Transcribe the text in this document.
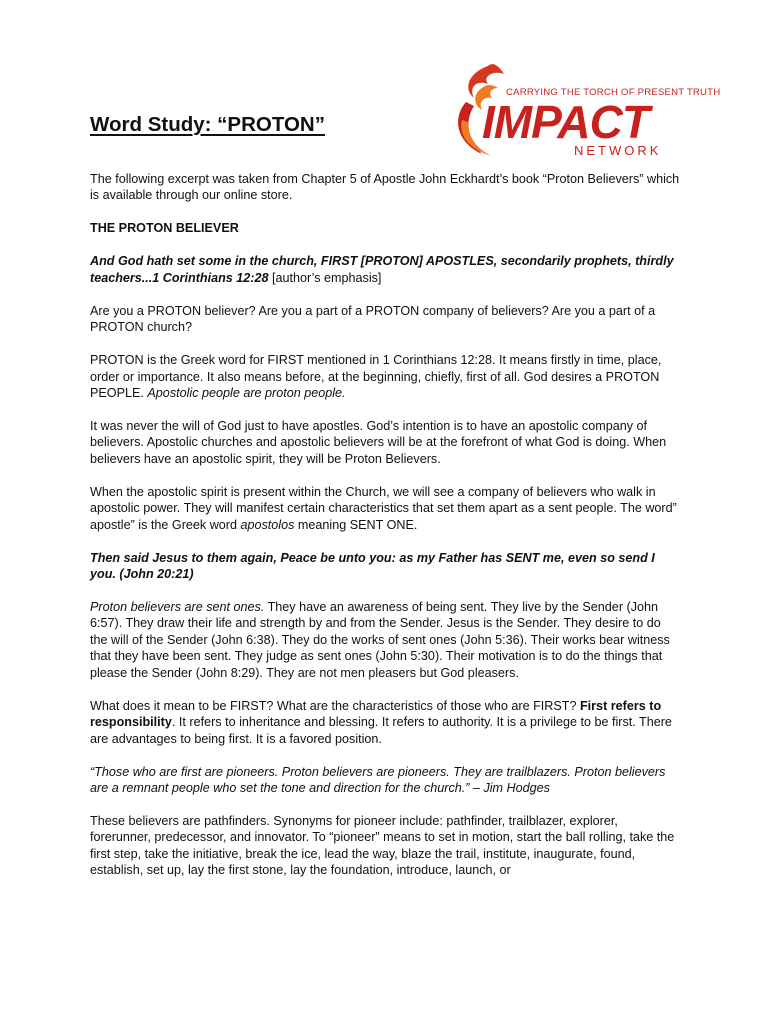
Word Study: “PROTON”
CARRYING THE TORCH OF PRESENT TRUTH
IMPACT
NETWORK

The following excerpt was taken from Chapter 5 of Apostle John Eckhardt’s book “Proton Believers” which is available through our online store.

THE PROTON BELIEVER

And God hath set some in the church, FIRST [PROTON] APOSTLES, secondarily prophets, thirdly teachers...1 Corinthians 12:28 [author’s emphasis]

Are you a PROTON believer? Are you a part of a PROTON company of believers? Are you a part of a PROTON church?

PROTON is the Greek word for FIRST mentioned in 1 Corinthians 12:28. It means firstly in time, place, order or importance. It also means before, at the beginning, chiefly, first of all. God desires a PROTON PEOPLE. Apostolic people are proton people.

It was never the will of God just to have apostles. God’s intention is to have an apostolic company of believers. Apostolic churches and apostolic believers will be at the forefront of what God is doing. When believers have an apostolic spirit, they will be Proton Believers.

When the apostolic spirit is present within the Church, we will see a company of believers who walk in apostolic power. They will manifest certain characteristics that set them apart as a sent people. The word” apostle” is the Greek word apostolos meaning SENT ONE.

Then said Jesus to them again, Peace be unto you: as my Father has SENT me, even so send I you. (John 20:21)

Proton believers are sent ones. They have an awareness of being sent. They live by the Sender (John 6:57). They draw their life and strength by and from the Sender. Jesus is the Sender. They desire to do the will of the Sender (John 6:38). They do the works of sent ones (John 5:36). Their works bear witness that they have been sent. They judge as sent ones (John 5:30). Their motivation is to do the things that please the Sender (John 8:29). They are not men pleasers but God pleasers.

What does it mean to be FIRST? What are the characteristics of those who are FIRST? First refers to responsibility. It refers to inheritance and blessing. It refers to authority. It is a privilege to be first. There are advantages to being first. It is a favored position.

“Those who are first are pioneers. Proton believers are pioneers. They are trailblazers. Proton believers are a remnant people who set the tone and direction for the church.” – Jim Hodges

These believers are pathfinders. Synonyms for pioneer include: pathfinder, trailblazer, explorer, forerunner, predecessor, and innovator. To “pioneer” means to set in motion, start the ball rolling, take the first step, take the initiative, break the ice, lead the way, blaze the trail, institute, inaugurate, found, establish, set up, lay the first stone, lay the foundation, introduce, launch, or
